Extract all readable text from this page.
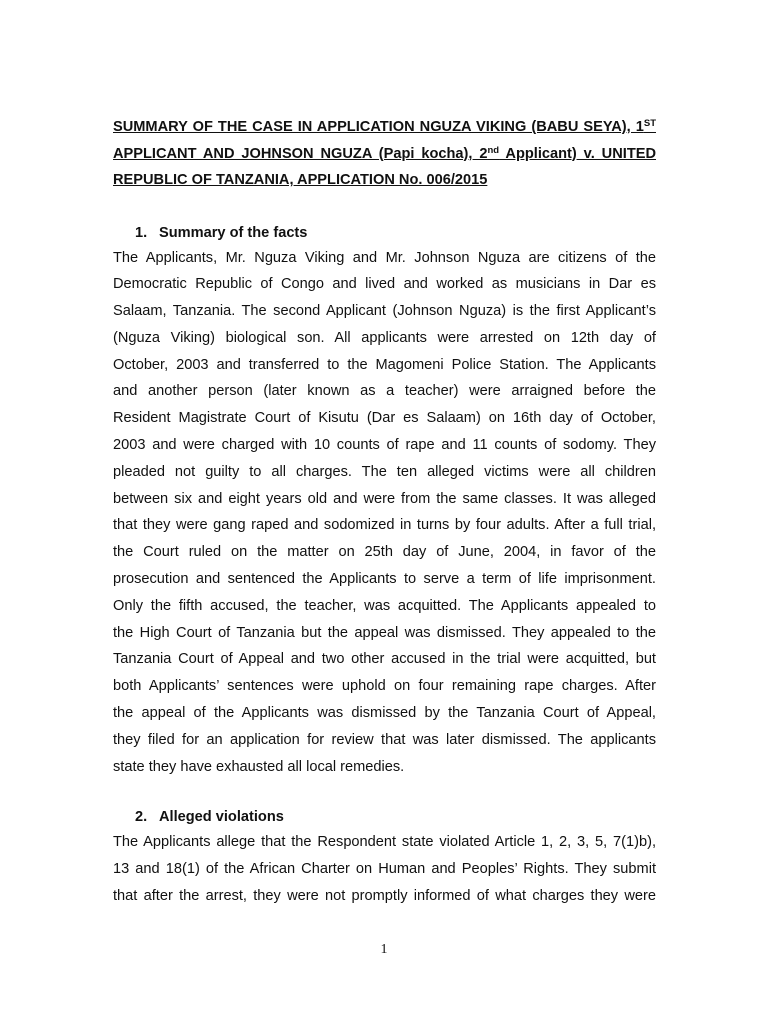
SUMMARY OF THE CASE IN APPLICATION NGUZA VIKING (BABU SEYA), 1ST APPLICANT AND JOHNSON NGUZA (Papi kocha), 2nd Applicant) v. UNITED REPUBLIC OF TANZANIA, APPLICATION No. 006/2015

1. Summary of the facts
The Applicants, Mr. Nguza Viking and Mr. Johnson Nguza are citizens of the
Democratic Republic of Congo and lived and worked as musicians in Dar es
Salaam, Tanzania. The second Applicant (Johnson Nguza) is the first Applicant’s
(Nguza Viking) biological son. All applicants were arrested on 12th day of
October, 2003 and transferred to the Magomeni Police Station. The Applicants
and another person (later known as a teacher) were arraigned before the
Resident Magistrate Court of Kisutu (Dar es Salaam) on 16th day of October,
2003 and were charged with 10 counts of rape and 11 counts of sodomy. They
pleaded not guilty to all charges. The ten alleged victims were all children
between six and eight years old and were from the same classes. It was alleged
that they were gang raped and sodomized in turns by four adults. After a full trial,
the Court ruled on the matter on 25th day of June, 2004, in favor of the
prosecution and sentenced the Applicants to serve a term of life imprisonment.
Only the fifth accused, the teacher, was acquitted. The Applicants appealed to
the High Court of Tanzania but the appeal was dismissed. They appealed to the
Tanzania Court of Appeal and two other accused in the trial were acquitted, but
both Applicants’ sentences were uphold on four remaining rape charges. After
the appeal of the Applicants was dismissed by the Tanzania Court of Appeal,
they filed for an application for review that was later dismissed. The applicants
state they have exhausted all local remedies.
2. Alleged violations
The Applicants allege that the Respondent state violated Article 1, 2, 3, 5, 7(1)b),
13 and 18(1) of the African Charter on Human and Peoples’ Rights. They submit
that after the arrest, they were not promptly informed of what charges they were
1
